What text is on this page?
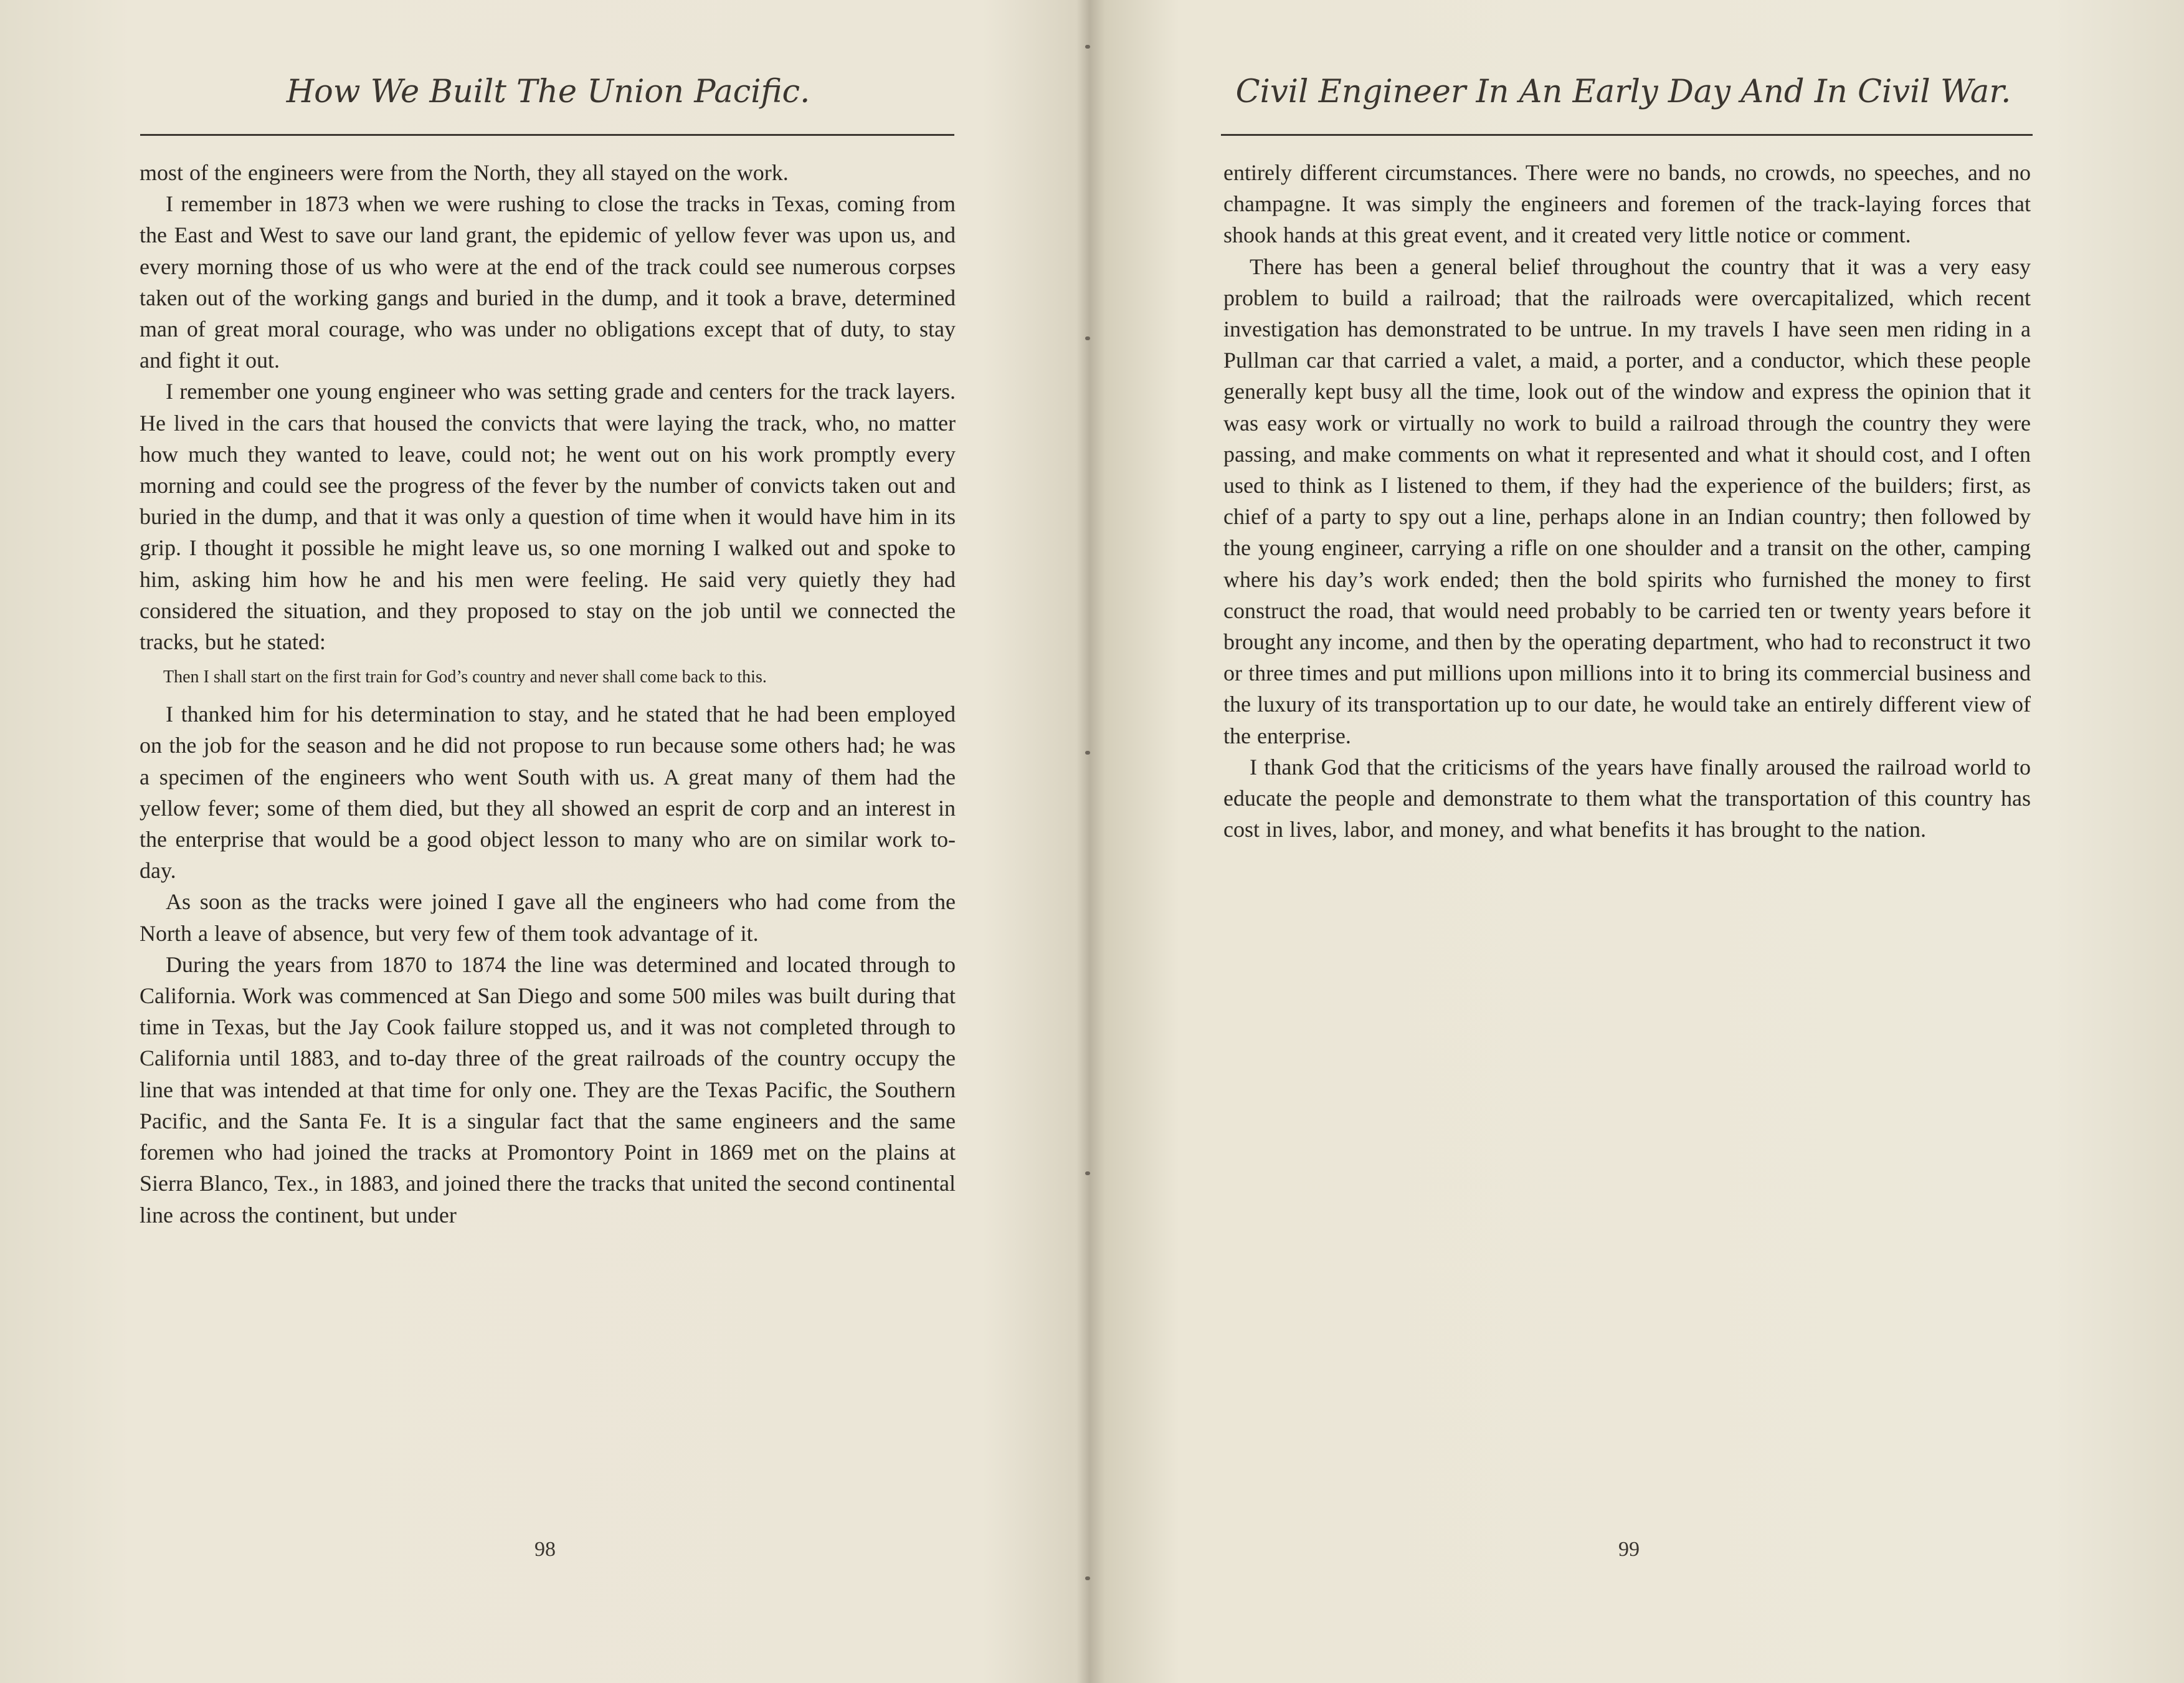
How We Built The Union Pacific.

most of the engineers were from the North, they all stayed on the work.

I remember in 1873 when we were rushing to close the tracks in Texas, coming from the East and West to save our land grant, the epidemic of yellow fever was upon us, and every morning those of us who were at the end of the track could see numerous corpses taken out of the working gangs and buried in the dump, and it took a brave, determined man of great moral courage, who was under no obligations except that of duty, to stay and fight it out.

I remember one young engineer who was setting grade and centers for the track layers. He lived in the cars that housed the convicts that were laying the track, who, no matter how much they wanted to leave, could not; he went out on his work promptly every morning and could see the progress of the fever by the number of convicts taken out and buried in the dump, and that it was only a question of time when it would have him in its grip. I thought it possible he might leave us, so one morning I walked out and spoke to him, asking him how he and his men were feeling. He said very quietly they had considered the situation, and they proposed to stay on the job until we connected the tracks, but he stated:

Then I shall start on the first train for God’s country and never shall come back to this.

I thanked him for his determination to stay, and he stated that he had been employed on the job for the season and he did not propose to run because some others had; he was a specimen of the engineers who went South with us. A great many of them had the yellow fever; some of them died, but they all showed an esprit de corp and an interest in the enterprise that would be a good object lesson to many who are on similar work to-day.

As soon as the tracks were joined I gave all the engineers who had come from the North a leave of absence, but very few of them took advantage of it.

During the years from 1870 to 1874 the line was determined and located through to California. Work was commenced at San Diego and some 500 miles was built during that time in Texas, but the Jay Cook failure stopped us, and it was not completed through to California until 1883, and to-day three of the great railroads of the country occupy the line that was intended at that time for only one. They are the Texas Pacific, the Southern Pacific, and the Santa Fe. It is a singular fact that the same engineers and the same foremen who had joined the tracks at Promontory Point in 1869 met on the plains at Sierra Blanco, Tex., in 1883, and joined there the tracks that united the second continental line across the continent, but under

98
Civil Engineer In An Early Day And In Civil War.

entirely different circumstances. There were no bands, no crowds, no speeches, and no champagne. It was simply the engineers and foremen of the track-laying forces that shook hands at this great event, and it created very little notice or comment.

There has been a general belief throughout the country that it was a very easy problem to build a railroad; that the railroads were overcapitalized, which recent investigation has demonstrated to be untrue. In my travels I have seen men riding in a Pullman car that carried a valet, a maid, a porter, and a conductor, which these people generally kept busy all the time, look out of the window and express the opinion that it was easy work or virtually no work to build a railroad through the country they were passing, and make comments on what it represented and what it should cost, and I often used to think as I listened to them, if they had the experience of the builders; first, as chief of a party to spy out a line, perhaps alone in an Indian country; then followed by the young engineer, carrying a rifle on one shoulder and a transit on the other, camping where his day’s work ended; then the bold spirits who furnished the money to first construct the road, that would need probably to be carried ten or twenty years before it brought any income, and then by the operating department, who had to reconstruct it two or three times and put millions upon millions into it to bring its commercial business and the luxury of its transportation up to our date, he would take an entirely different view of the enterprise.

I thank God that the criticisms of the years have finally aroused the railroad world to educate the people and demonstrate to them what the transportation of this country has cost in lives, labor, and money, and what benefits it has brought to the nation.

99
